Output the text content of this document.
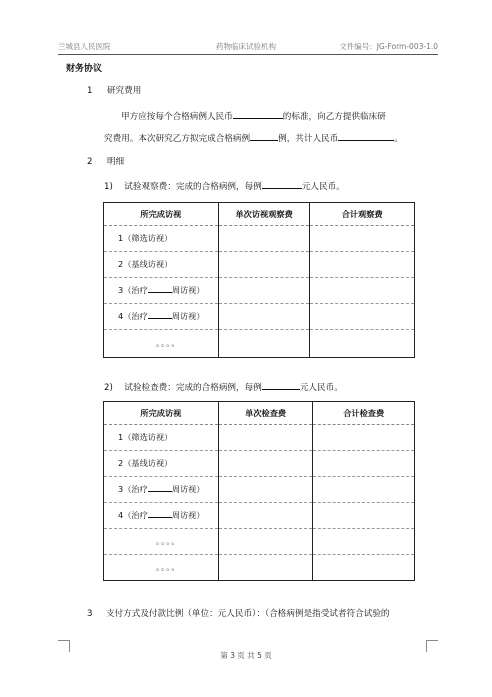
兰城县人民医院	药物临床试验机构	文件编号：JG-Form-003-1.0
财务协议
1 研究费用
甲方应按每个合格病例人民币	的标准，向乙方提供临床研
究费用。本次研究乙方拟完成合格病例	例，共计人民币	。
2 明细
1) 试验观察费：完成的合格病例，每例	元人民币。
所完成访视	单次访视观察费	合计观察费
1（筛选访视）		
2（基线访视）		
3（治疗 周访视）		
4（治疗 周访视）		
。。。。		
2) 试验检查费：完成的合格病例，每例	元人民币。
所完成访视	单次检查费	合计检查费
1（筛选访视）		
2（基线访视）		
3（治疗 周访视）		
4（治疗 周访视）		
。。。。		
。。。。		
3 支付方式及付款比例（单位：元人民币）：（合格病例是指受试者符合试验的
第 3 页 共 5 页
